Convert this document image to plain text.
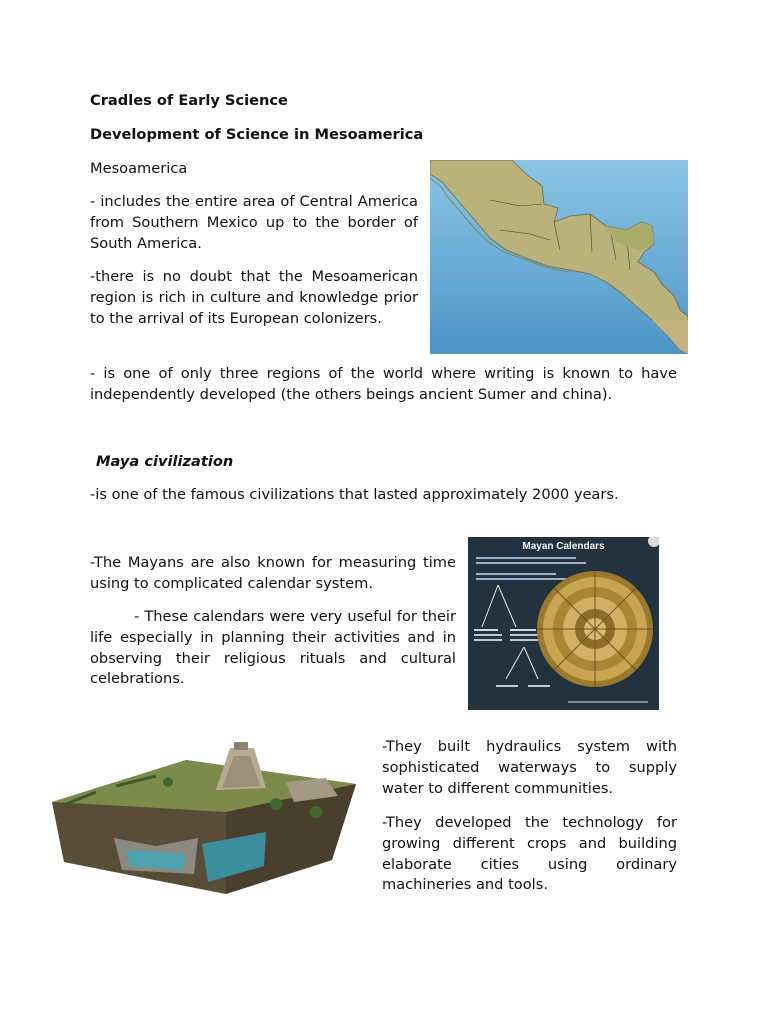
Cradles of Early Science

Development of Science in Mesoamerica

Mesoamerica

- includes the entire area of Central America from Southern Mexico up to the border of South America.

-there is no doubt that the Mesoamerican region is rich in culture and knowledge prior to the arrival of its European colonizers.

- is one of only three regions of the world where writing is known to have independently developed (the others beings ancient Sumer and china).

Maya civilization

-is one of the famous civilizations that lasted approximately 2000 years.

-The Mayans are also known for measuring time using to complicated calendar system.

- These calendars were very useful for their life especially in planning their activities and in observing their religious rituals and cultural celebrations.

Mayan Calendars

-They built hydraulics system with sophisticated waterways to supply water to different communities.

-They developed the technology for growing different crops and building elaborate cities using ordinary machineries and tools.
